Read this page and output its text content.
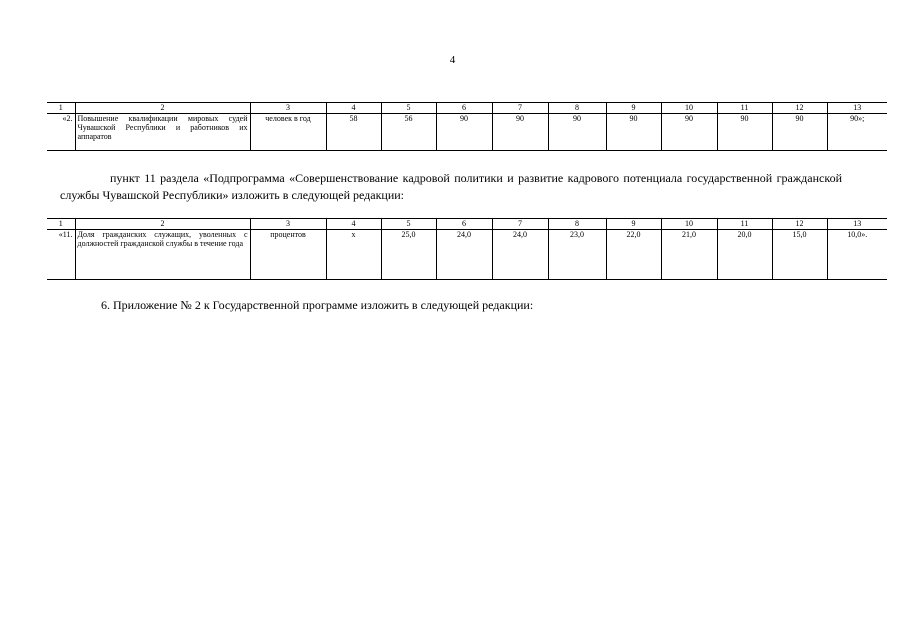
4
1	2	3	4	5	6	7	8	9	10	11	12	13
«2.	Повышение квалификации мировых судей Чувашской Республики и работников их аппаратов	человек в год	58	56	90	90	90	90	90	90	90	90»;
пункт 11 раздела «Подпрограмма «Совершенствование кадровой политики и развитие кадрового потенциала государственной гражданской службы Чувашской Республики» изложить в следующей редакции:
1	2	3	4	5	6	7	8	9	10	11	12	13
«11.	Доля гражданских служащих, уволенных с должностей гражданской службы в течение года	процентов	х	25,0	24,0	24,0	23,0	22,0	21,0	20,0	15,0	10,0».
6. Приложение № 2 к Государственной программе изложить в следующей редакции:
